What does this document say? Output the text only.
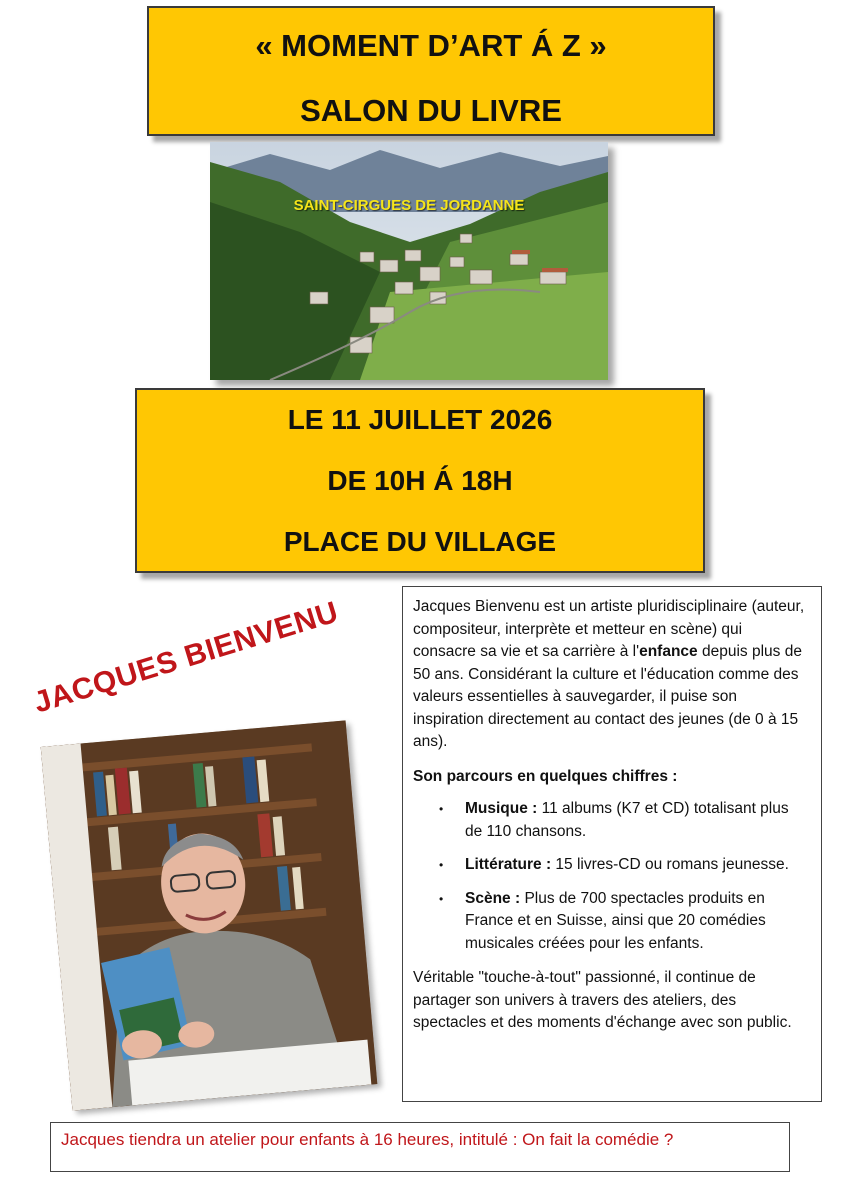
« MOMENT D’ART Á Z »
SALON DU LIVRE
SAINT-CIRGUES DE JORDANNE
LE 11 JUILLET 2026
DE 10H Á 18H
PLACE DU VILLAGE
JACQUES BIENVENU	Jacques Bienvenu est un artiste pluridisciplinaire (auteur, compositeur, interprète et metteur en scène) qui consacre sa vie et sa carrière à l'enfance depuis plus de 50 ans. Considérant la culture et l'éducation comme des valeurs essentielles à sauvegarder, il puise son inspiration directement au contact des jeunes (de 0 à 15 ans).

Son parcours en quelques chiffres :

• Musique : 11 albums (K7 et CD) totalisant plus de 110 chansons.
• Littérature : 15 livres-CD ou romans jeunesse.
• Scène : Plus de 700 spectacles produits en France et en Suisse, ainsi que 20 comédies musicales créées pour les enfants.

Véritable "touche-à-tout" passionné, il continue de partager son univers à travers des ateliers, des spectacles et des moments d'échange avec son public.

Jacques tiendra un atelier pour enfants à 16 heures, intitulé : On fait la comédie ?
